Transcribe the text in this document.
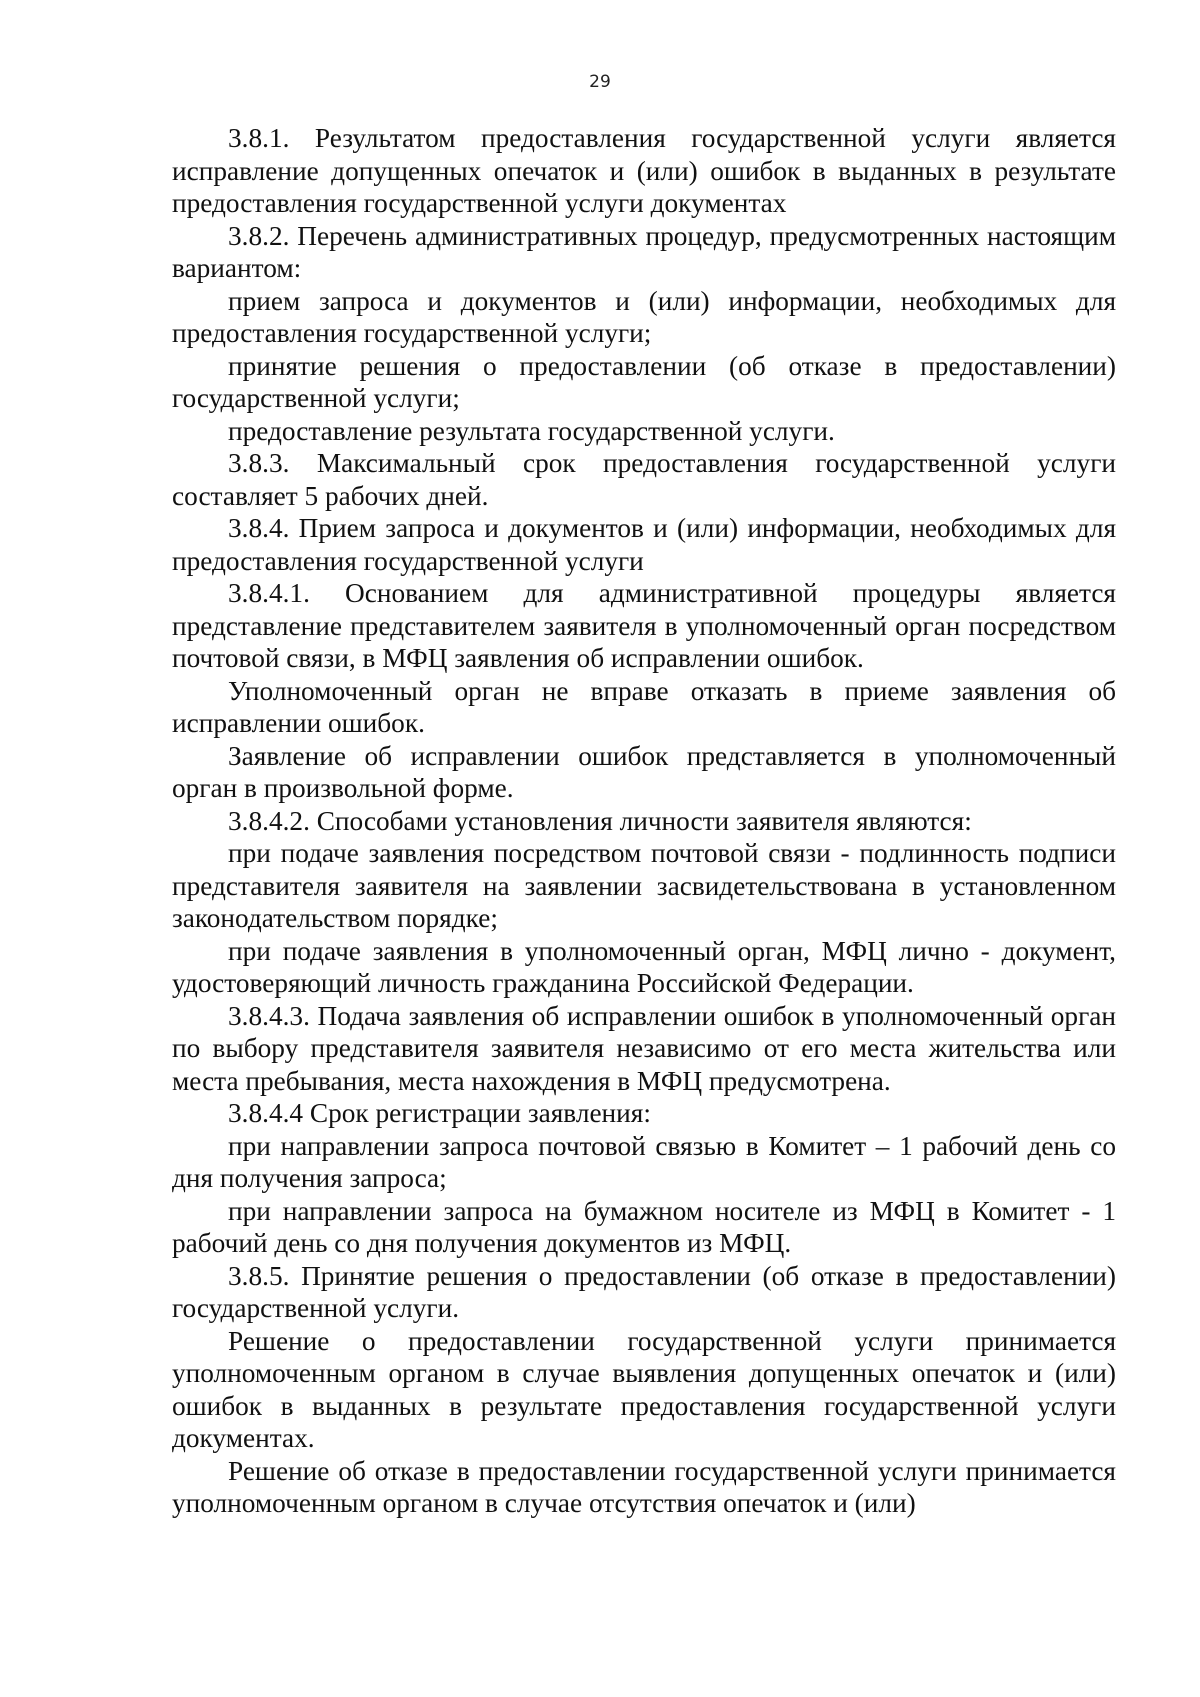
29

3.8.1. Результатом предоставления государственной услуги является исправление допущенных опечаток и (или) ошибок в выданных в результате предоставления государственной услуги документах

3.8.2. Перечень административных процедур, предусмотренных настоящим вариантом:

прием запроса и документов и (или) информации, необходимых для предоставления государственной услуги;

принятие решения о предоставлении (об отказе в предоставлении) государственной услуги;

предоставление результата государственной услуги.

3.8.3. Максимальный срок предоставления государственной услуги составляет 5 рабочих дней.

3.8.4. Прием запроса и документов и (или) информации, необходимых для предоставления государственной услуги

3.8.4.1. Основанием для административной процедуры является представление представителем заявителя в уполномоченный орган посредством почтовой связи, в МФЦ заявления об исправлении ошибок.

Уполномоченный орган не вправе отказать в приеме заявления об исправлении ошибок.

Заявление об исправлении ошибок представляется в уполномоченный орган в произвольной форме.

3.8.4.2. Способами установления личности заявителя являются:

при подаче заявления посредством почтовой связи - подлинность подписи представителя заявителя на заявлении засвидетельствована в установленном законодательством порядке;

при подаче заявления в уполномоченный орган, МФЦ лично - документ, удостоверяющий личность гражданина Российской Федерации.

3.8.4.3. Подача заявления об исправлении ошибок в уполномоченный орган по выбору представителя заявителя независимо от его места жительства или места пребывания, места нахождения в МФЦ предусмотрена.

3.8.4.4 Срок регистрации заявления:

при направлении запроса почтовой связью в Комитет – 1 рабочий день со дня получения запроса;

при направлении запроса на бумажном носителе из МФЦ в Комитет - 1 рабочий день со дня получения документов из МФЦ.

3.8.5. Принятие решения о предоставлении (об отказе в предоставлении) государственной услуги.

Решение о предоставлении государственной услуги принимается уполномоченным органом в случае выявления допущенных опечаток и (или) ошибок в выданных в результате предоставления государственной услуги документах.

Решение об отказе в предоставлении государственной услуги принимается уполномоченным органом в случае отсутствия опечаток и (или)
